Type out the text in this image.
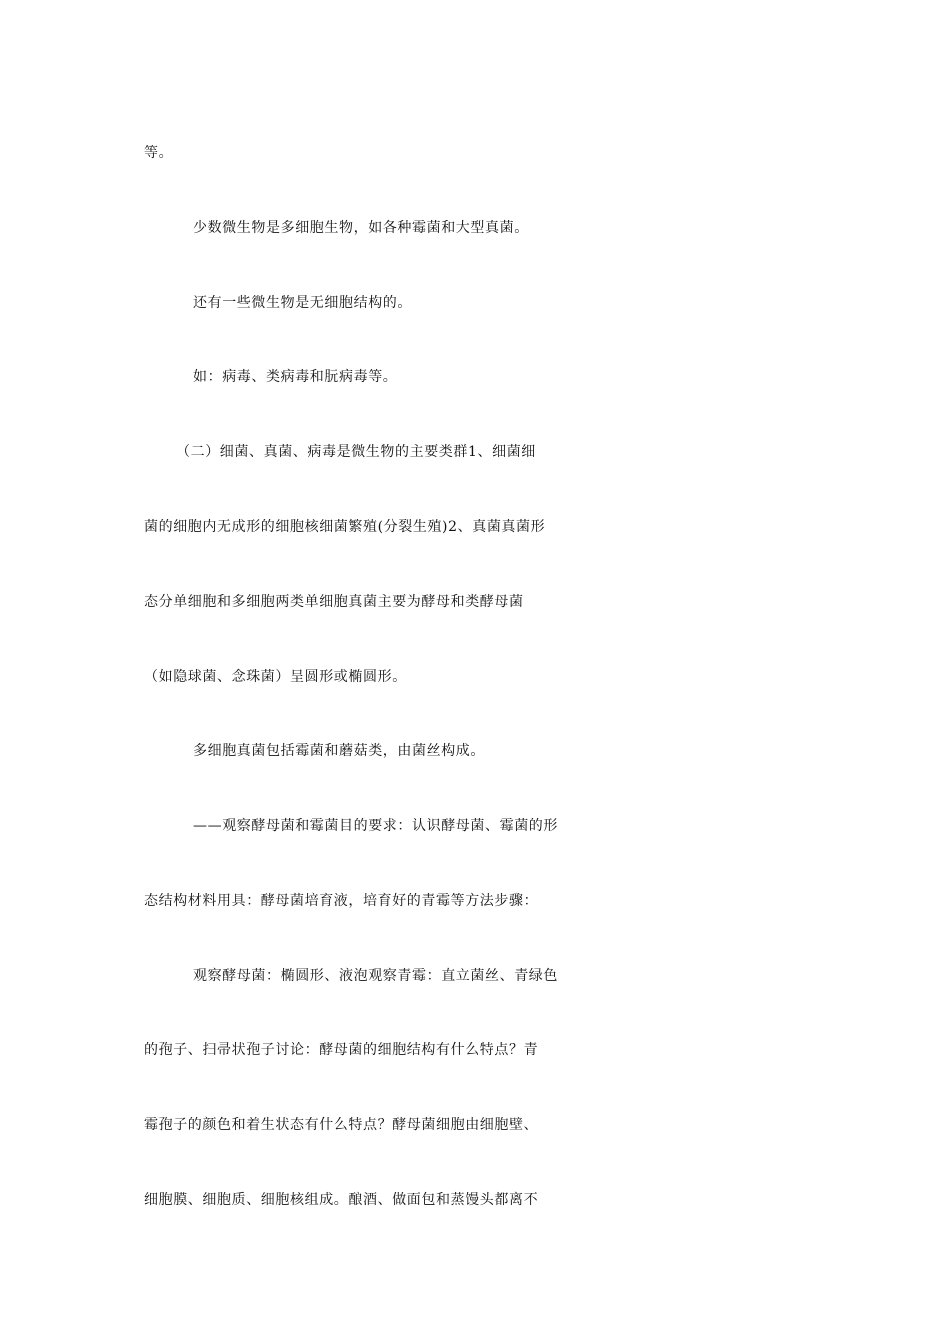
等。
少数微生物是多细胞生物，如各种霉菌和大型真菌。
还有一些微生物是无细胞结构的。
如：病毒、类病毒和朊病毒等。
（二）细菌、真菌、病毒是微生物的主要类群1、细菌细
菌的细胞内无成形的细胞核细菌繁殖(分裂生殖)2、真菌真菌形
态分单细胞和多细胞两类单细胞真菌主要为酵母和类酵母菌
（如隐球菌、念珠菌）呈圆形或椭圆形。
多细胞真菌包括霉菌和蘑菇类，由菌丝构成。
——观察酵母菌和霉菌目的要求：认识酵母菌、霉菌的形
态结构材料用具：酵母菌培育液，培育好的青霉等方法步骤：
观察酵母菌：椭圆形、液泡观察青霉：直立菌丝、青绿色
的孢子、扫帚状孢子讨论：酵母菌的细胞结构有什么特点？青
霉孢子的颜色和着生状态有什么特点？酵母菌细胞由细胞壁、
细胞膜、细胞质、细胞核组成。酿酒、做面包和蒸馒头都离不
